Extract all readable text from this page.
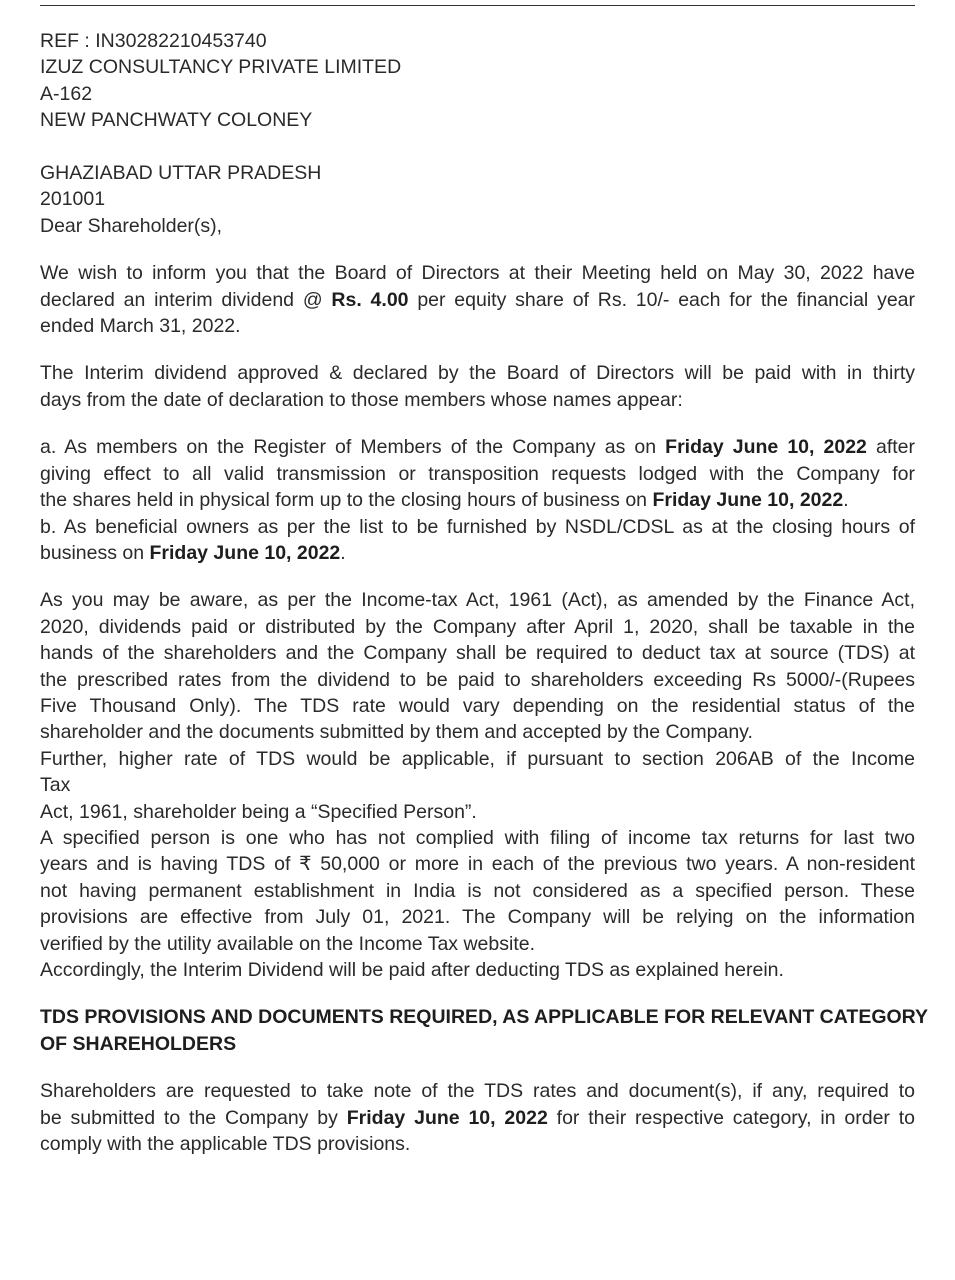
REF : IN30282210453740
IZUZ CONSULTANCY PRIVATE LIMITED
A-162
NEW PANCHWATY COLONEY

GHAZIABAD UTTAR PRADESH
201001
Dear Shareholder(s),
We wish to inform you that the Board of Directors at their Meeting held on May 30, 2022 have
declared an interim dividend @ Rs. 4.00 per equity share of Rs. 10/- each for the financial year
ended March 31, 2022.
The Interim dividend approved & declared by the Board of Directors will be paid with in thirty
days from the date of declaration to those members whose names appear:
a. As members on the Register of Members of the Company as on Friday June 10, 2022 after
giving effect to all valid transmission or transposition requests lodged with the Company for
the shares held in physical form up to the closing hours of business on Friday June 10, 2022.
b. As beneficial owners as per the list to be furnished by NSDL/CDSL as at the closing hours of
business on Friday June 10, 2022.
As you may be aware, as per the Income-tax Act, 1961 (Act), as amended by the Finance Act,
2020, dividends paid or distributed by the Company after April 1, 2020, shall be taxable in the
hands of the shareholders and the Company shall be required to deduct tax at source (TDS) at
the prescribed rates from the dividend to be paid to shareholders exceeding Rs 5000/-(Rupees
Five Thousand Only). The TDS rate would vary depending on the residential status of the
shareholder and the documents submitted by them and accepted by the Company.
Further, higher rate of TDS would be applicable, if pursuant to section 206AB of the Income
Tax
Act, 1961, shareholder being a “Specified Person”.
A specified person is one who has not complied with filing of income tax returns for last two
years and is having TDS of ₹ 50,000 or more in each of the previous two years. A non-resident
not having permanent establishment in India is not considered as a specified person. These
provisions are effective from July 01, 2021. The Company will be relying on the information
verified by the utility available on the Income Tax website.
Accordingly, the Interim Dividend will be paid after deducting TDS as explained herein.
TDS PROVISIONS AND DOCUMENTS REQUIRED, AS APPLICABLE FOR RELEVANT CATEGORY
OF SHAREHOLDERS
Shareholders are requested to take note of the TDS rates and document(s), if any, required to
be submitted to the Company by Friday June 10, 2022 for their respective category, in order to
comply with the applicable TDS provisions.
